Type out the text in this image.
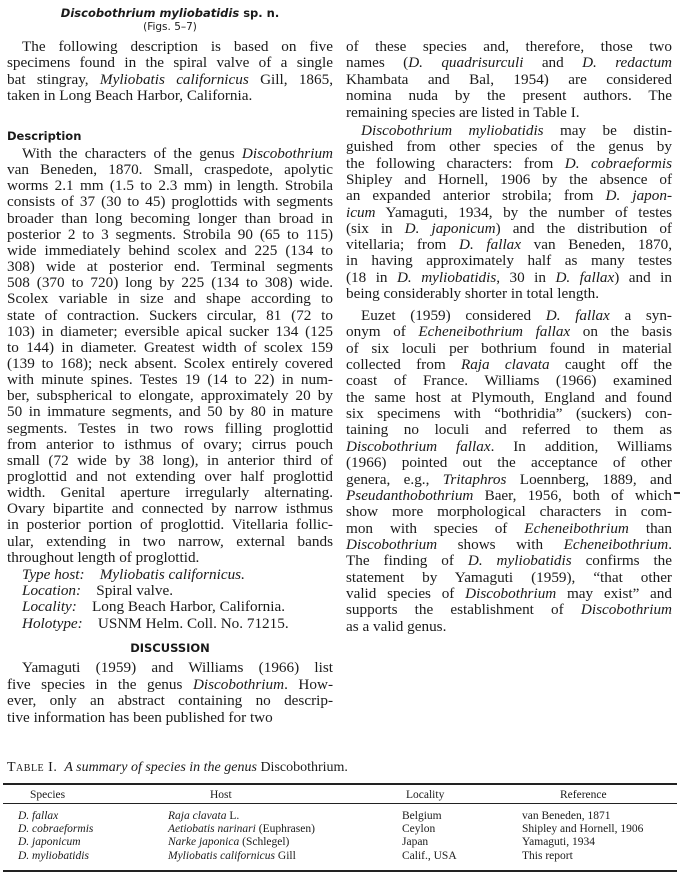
Discobothrium myliobatidis sp. n.
(Figs. 5–7)
The following description is based on five
specimens found in the spiral valve of a single
bat stingray, Myliobatis californicus Gill, 1865,
taken in Long Beach Harbor, California.
With the characters of the genus Discobothrium
van Beneden, 1870. Small, craspedote, apolytic
worms 2.1 mm (1.5 to 2.3 mm) in length. Strobila
consists of 37 (30 to 45) proglottids with segments
broader than long becoming longer than broad in
posterior 2 to 3 segments. Strobila 90 (65 to 115)
wide immediately behind scolex and 225 (134 to
308) wide at posterior end. Terminal segments
508 (370 to 720) long by 225 (134 to 308) wide.
Scolex variable in size and shape according to
state of contraction. Suckers circular, 81 (72 to
103) in diameter; eversible apical sucker 134 (125
to 144) in diameter. Greatest width of scolex 159
(139 to 168); neck absent. Scolex entirely covered
with minute spines. Testes 19 (14 to 22) in num-
ber, subspherical to elongate, approximately 20 by
50 in immature segments, and 50 by 80 in mature
segments. Testes in two rows filling proglottid
from anterior to isthmus of ovary; cirrus pouch
small (72 wide by 38 long), in anterior third of
proglottid and not extending over half proglottid
width. Genital aperture irregularly alternating.
Ovary bipartite and connected by narrow isthmus
in posterior portion of proglottid. Vitellaria follic-
ular, extending in two narrow, external bands
throughout length of proglottid.
Type host:    Myliobatis californicus.
Location:    Spiral valve.
Locality:    Long Beach Harbor, California.
Holotype:    USNM Helm. Coll. No. 71215.
Yamaguti (1959) and Williams (1966) list
five species in the genus Discobothrium. How-
ever, only an abstract containing no descrip-
tive information has been published for two
Description
DISCUSSION
of these species and, therefore, those two
names (D. quadrisurculi and D. redactum
Khambata and Bal, 1954) are considered
nomina nuda by the present authors. The
remaining species are listed in Table I.
Discobothrium myliobatidis may be distin-
guished from other species of the genus by
the following characters: from D. cobraeformis
Shipley and Hornell, 1906 by the absence of
an expanded anterior strobila; from D. japon-
icum Yamaguti, 1934, by the number of testes
(six in D. japonicum) and the distribution of
vitellaria; from D. fallax van Beneden, 1870,
in having approximately half as many testes
(18 in D. myliobatidis, 30 in D. fallax) and in
being considerably shorter in total length.
Euzet (1959) considered D. fallax a syn-
onym of Echeneibothrium fallax on the basis
of six loculi per bothrium found in material
collected from Raja clavata caught off the
coast of France. Williams (1966) examined
the same host at Plymouth, England and found
six specimens with “bothridia” (suckers) con-
taining no loculi and referred to them as
Discobothrium fallax. In addition, Williams
(1966) pointed out the acceptance of other
genera, e.g., Tritaphros Loennberg, 1889, and
Pseudanthobothrium Baer, 1956, both of which
show more morphological characters in com-
mon with species of Echeneibothrium than
Discobothrium shows with Echeneibothrium.
The finding of D. myliobatidis confirms the
statement by Yamaguti (1959), “that other
valid species of Discobothrium may exist” and
supports the establishment of Discobothrium
as a valid genus.
Table I. A summary of species in the genus Discobothrium.
Species	Host	Locality	Reference
D. fallax	Raja clavata L.	Belgium	van Beneden, 1871
D. cobraeformis	Aetiobatis narinari (Euphrasen)	Ceylon	Shipley and Hornell, 1906
D. japonicum	Narke japonica (Schlegel)	Japan	Yamaguti, 1934
D. myliobatidis	Myliobatis californicus Gill	Calif., USA	This report
